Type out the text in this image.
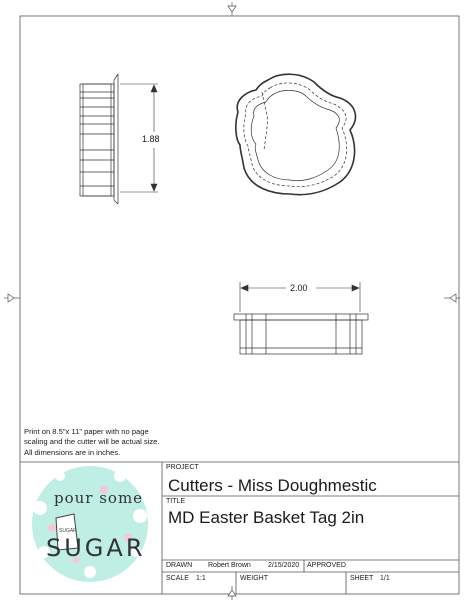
1.88
2.00
Print on 8.5"x 11" paper with no page scaling and the cutter will be actual size. All dimensions are in inches.
pour some
SUGAR
SUGAR
PROJECT
Cutters - Miss Doughmestic
TITLE
MD Easter Basket Tag 2in
DRAWN Robert Brown 2/15/2020 APPROVED
SCALE 1:1	WEIGHT	SHEET 1/1
